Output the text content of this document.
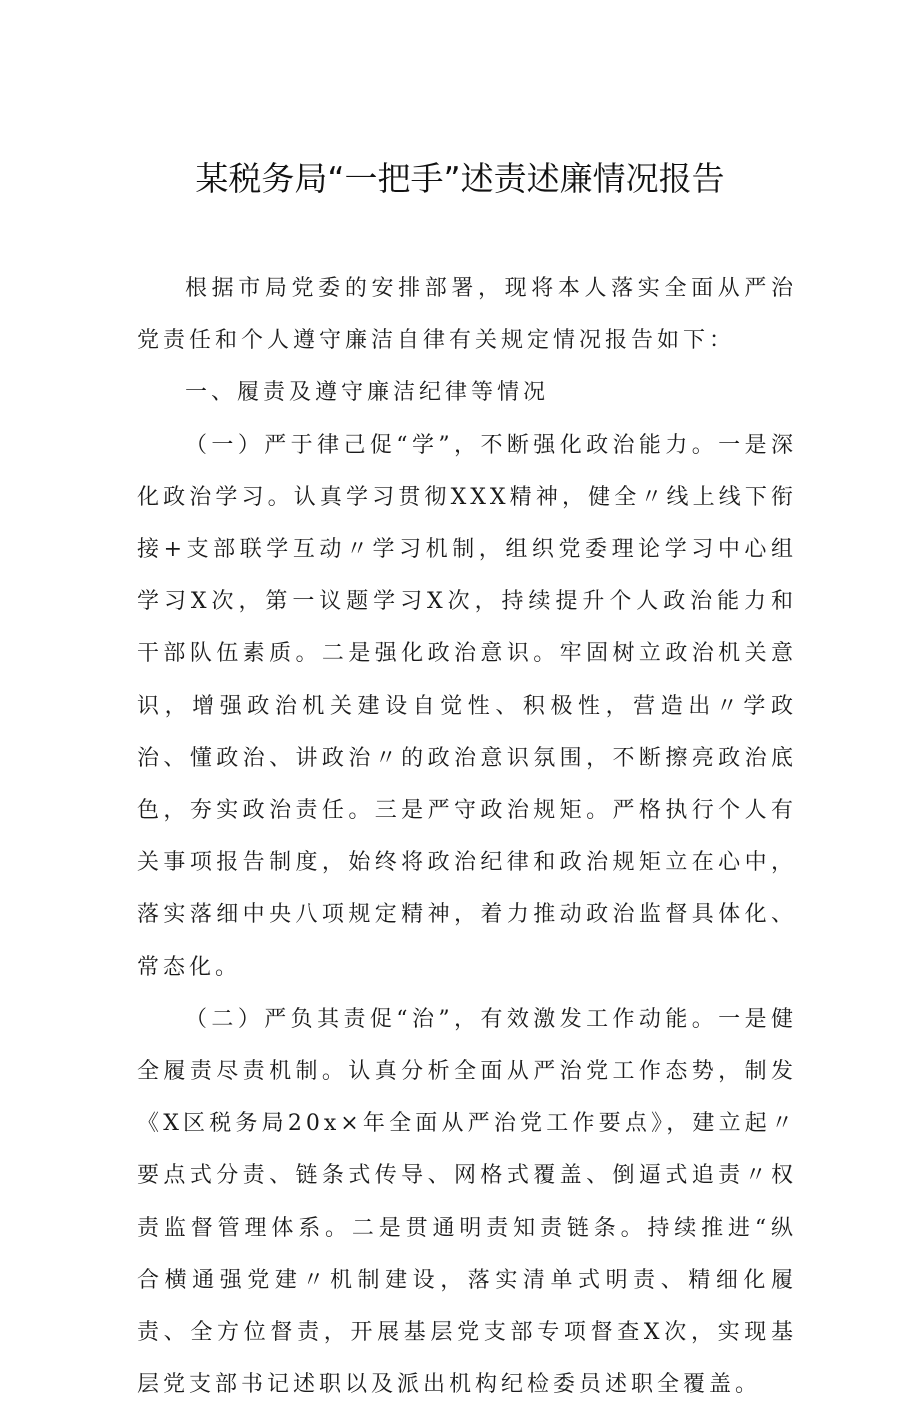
某税务局“一把手”述责述廉情况报告

根据市局党委的安排部署，现将本人落实全面从严治党责任和个人遵守廉洁自律有关规定情况报告如下：

一、履责及遵守廉洁纪律等情况

（一）严于律己促“学”，不断强化政治能力。一是深化政治学习。认真学习贯彻XXX精神，健全〃线上线下衔接+支部联学互动〃学习机制，组织党委理论学习中心组学习X次，第一议题学习X次，持续提升个人政治能力和干部队伍素质。二是强化政治意识。牢固树立政治机关意识，增强政治机关建设自觉性、积极性，营造出〃学政治、懂政治、讲政治〃的政治意识氛围，不断擦亮政治底色，夯实政治责任。三是严守政治规矩。严格执行个人有关事项报告制度，始终将政治纪律和政治规矩立在心中，落实落细中央八项规定精神，着力推动政治监督具体化、常态化。

（二）严负其责促“治”，有效激发工作动能。一是健全履责尽责机制。认真分析全面从严治党工作态势，制发《X区税务局20x×年全面从严治党工作要点》，建立起〃要点式分责、链条式传导、网格式覆盖、倒逼式追责〃权责监督管理体系。二是贯通明责知责链条。持续推进“纵合横通强党建〃机制建设，落实清单式明责、精细化履责、全方位督责，开展基层党支部专项督查X次，实现基层党支部书记述职以及派出机构纪检委员述职全覆盖。
